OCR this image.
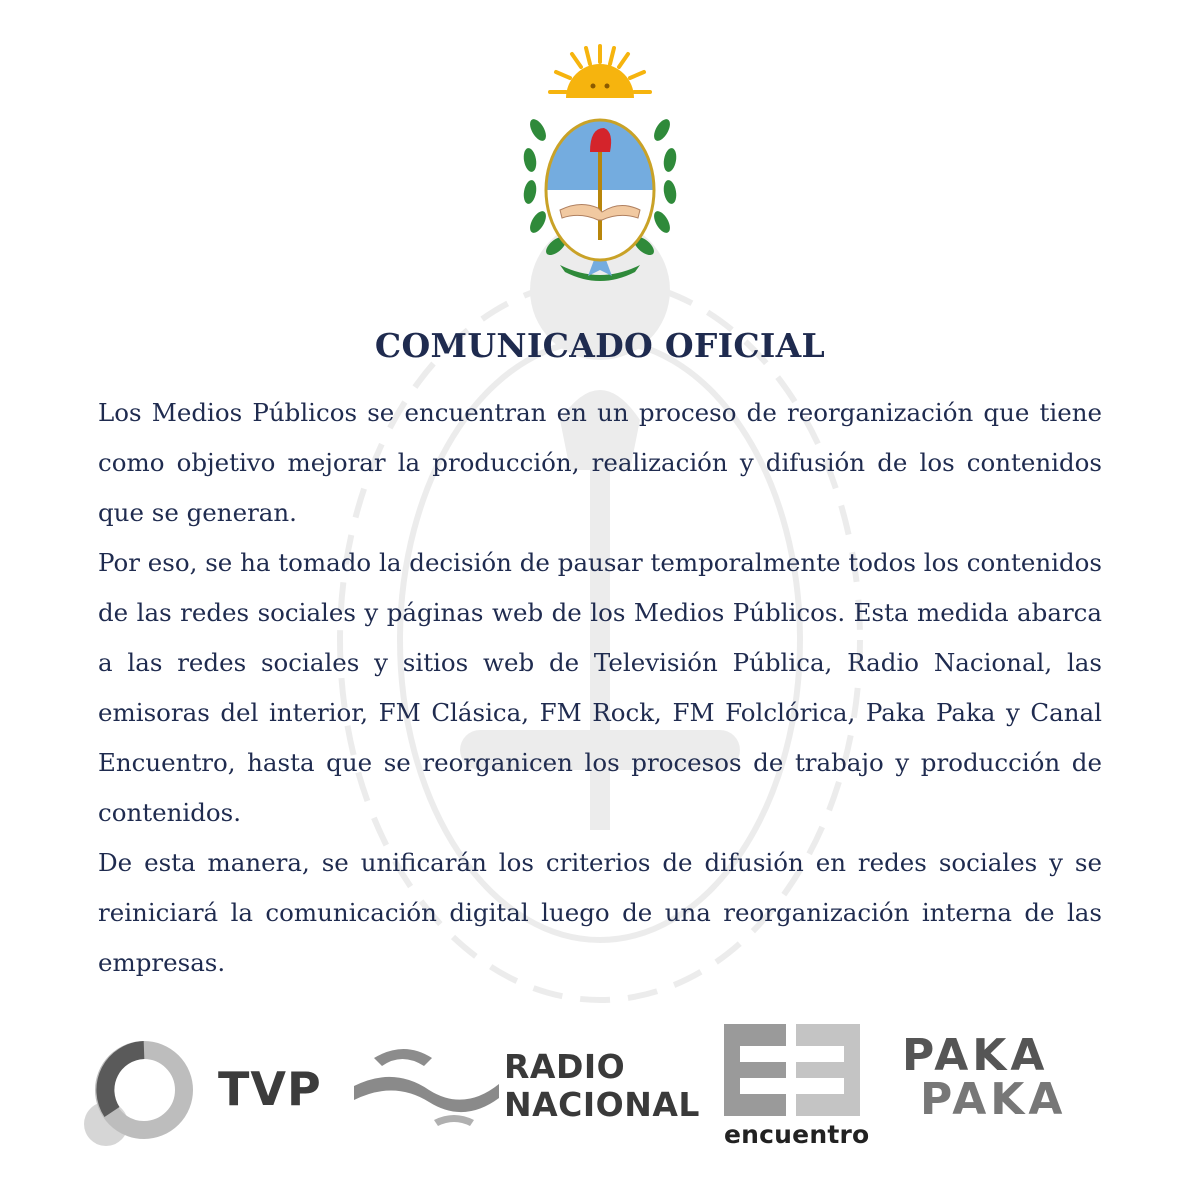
COMUNICADO OFICIAL

Los Medios Públicos se encuentran en un proceso de reorganización que tiene como objetivo mejorar la producción, realización y difusión de los contenidos que se generan.

Por eso, se ha tomado la decisión de pausar temporalmente todos los contenidos de las redes sociales y páginas web de los Medios Públicos. Esta medida abarca a las redes sociales y sitios web de Televisión Pública, Radio Nacional, las emisoras del interior, FM Clásica, FM Rock, FM Folclórica, Paka Paka y Canal Encuentro, hasta que se reorganicen los procesos de trabajo y producción de contenidos.

De esta manera, se unificarán los criterios de difusión en redes sociales y se reiniciará la comunicación digital luego de una reorganización interna de las empresas.

TVP	RADIO
NACIONAL
encuentro
PAKA
PAKA
